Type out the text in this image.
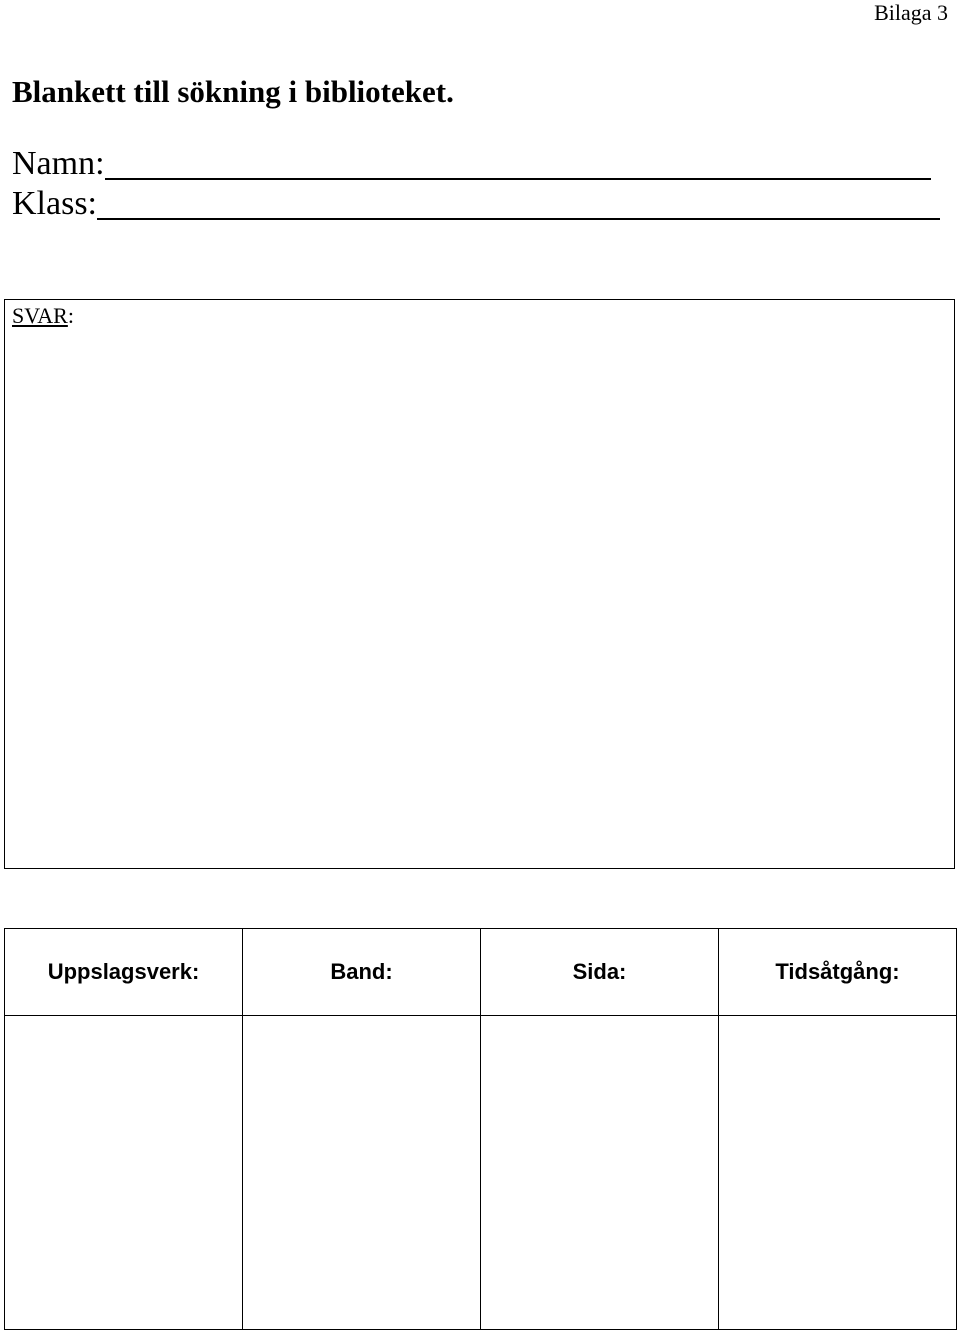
Bilaga 3
Blankett till sökning i biblioteket.
Namn:
Klass:
SVAR:
Uppslagsverk:	Band:	Sida:	Tidsåtgång:
